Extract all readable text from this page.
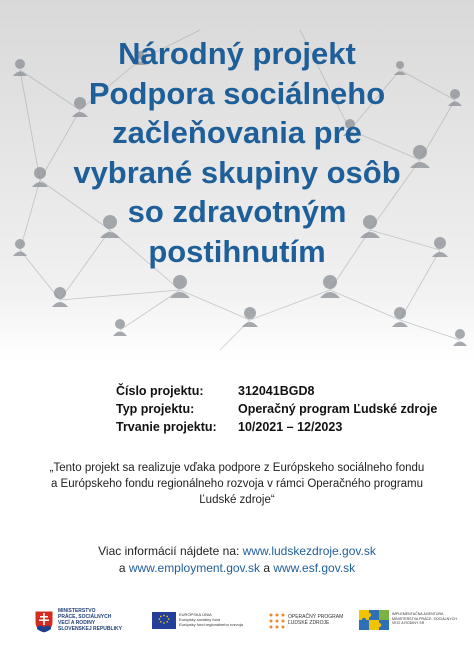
Národný projekt
Podpora sociálneho
začleňovania pre
vybrané skupiny osôb
so zdravotným
postihnutím
Číslo projektu:	312041BGD8
Typ projektu:	Operačný program Ľudské zdroje
Trvanie projektu:	10/2021 – 12/2023
„Tento projekt sa realizuje vďaka podpore z Európskeho sociálneho fondu
a Európskeho fondu regionálneho rozvoja v rámci Operačného programu
Ľudské zdroje“
Viac informácií nájdete na: www.ludskezdroje.gov.sk
a www.employment.gov.sk a www.esf.gov.sk
MINISTERSTVO
PRÁCE, SOCIÁLNYCH
VECÍ A RODINY
SLOVENSKEJ REPUBLIKY
EURÓPSKA ÚNIA
Európsky sociálny fond
Európsky fond regionálneho rozvoja
OPERAČNÝ PROGRAM
ĽUDSKÉ ZDROJE
IMPLEMENTAČNÁ AGENTÚRA
MINISTERSTVA PRÁCE, SOCIÁLNYCH
VECÍ A RODINY SR
